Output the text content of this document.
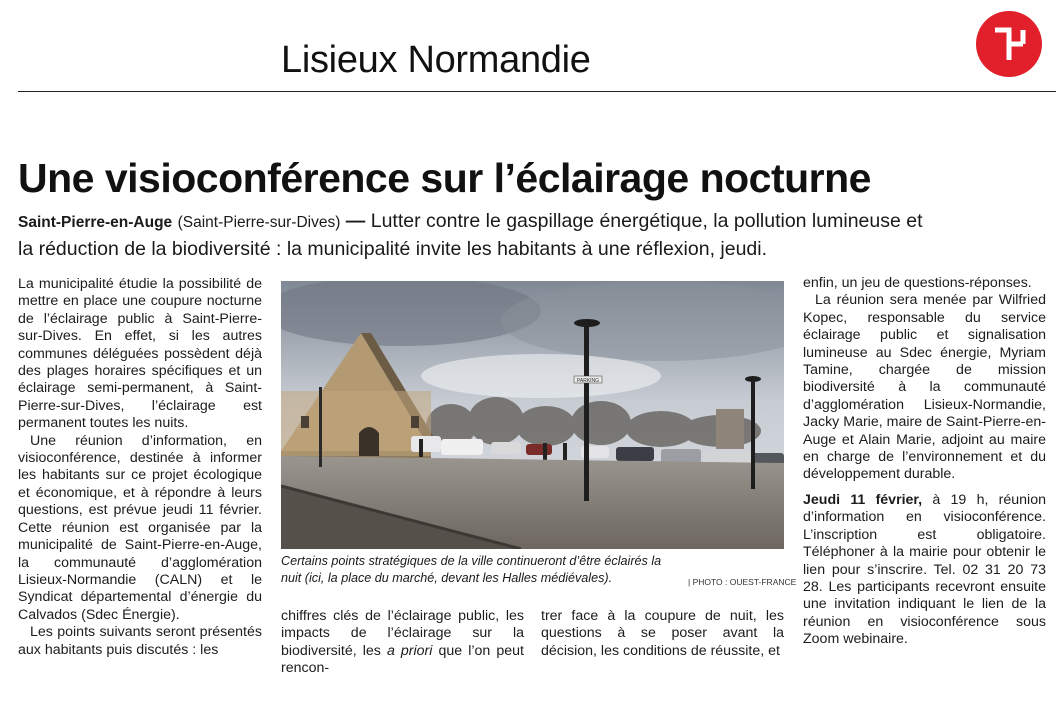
Lisieux Normandie
Une visioconférence sur l’éclairage nocturne
Saint-Pierre-en-Auge (Saint-Pierre-sur-Dives) — Lutter contre le gaspillage énergétique, la pollution lumineuse et la réduction de la biodiversité : la municipalité invite les habitants à une réflexion, jeudi.

La municipalité étudie la possibilité de mettre en place une coupure nocturne de l’éclairage public à Saint-Pierre-sur-Dives. En effet, si les autres communes déléguées possèdent déjà des plages horaires spécifiques et un éclairage semi-permanent, à Saint-Pierre-sur-Dives, l’éclairage est permanent toutes les nuits.

Une réunion d’information, en visioconférence, destinée à informer les habitants sur ce projet écologique et économique, et à répondre à leurs questions, est prévue jeudi 11 février. Cette réunion est organisée par la municipalité de Saint-Pierre-en-Auge, la communauté d’agglomération Lisieux-Normandie (CALN) et le Syndicat départemental d’énergie du Calvados (Sdec Énergie).

Les points suivants seront présentés aux habitants puis discutés : les

PARKING
Certains points stratégiques de la ville continueront d’être éclairés la nuit (ici, la place du marché, devant les Halles médiévales).	| PHOTO : OUEST-FRANCE

chiffres clés de l’éclairage public, les impacts de l’éclairage sur la biodiversité, les a priori que l’on peut rencon-

trer face à la coupure de nuit, les questions à se poser avant la décision, les conditions de réussite, et

enfin, un jeu de questions-réponses.

La réunion sera menée par Wilfried Kopec, responsable du service éclairage public et signalisation lumineuse au Sdec énergie, Myriam Tamine, chargée de mission biodiversité à la communauté d’agglomération Lisieux-Normandie, Jacky Marie, maire de Saint-Pierre-en-Auge et Alain Marie, adjoint au maire en charge de l’environnement et du développement durable.

Jeudi 11 février, à 19 h, réunion d’information en visioconférence. L’inscription est obligatoire. Téléphoner à la mairie pour obtenir le lien pour s’inscrire. Tel. 02 31 20 73 28. Les participants recevront ensuite une invitation indiquant le lien de la réunion en visioconférence sous Zoom webinaire.
